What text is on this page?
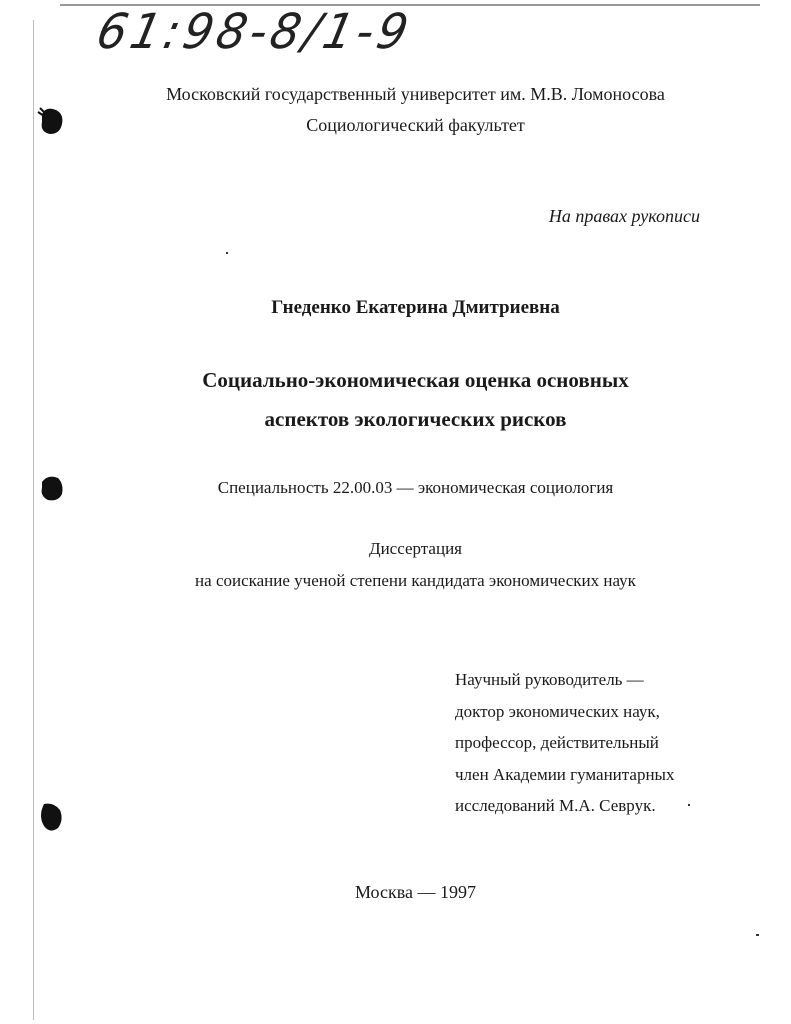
61:98-8/1-9
Московский государственный университет им. М.В. Ломоносова
Социологический факультет
На правах рукописи
Гнеденко Екатерина Дмитриевна
Социально-экономическая оценка основных
аспектов экологических рисков
Специальность 22.00.03 — экономическая социология
Диссертация
на соискание ученой степени кандидата экономических наук
Научный руководитель —
доктор экономических наук,
профессор, действительный
член Академии гуманитарных
исследований М.А. Севрук.
Москва — 1997
